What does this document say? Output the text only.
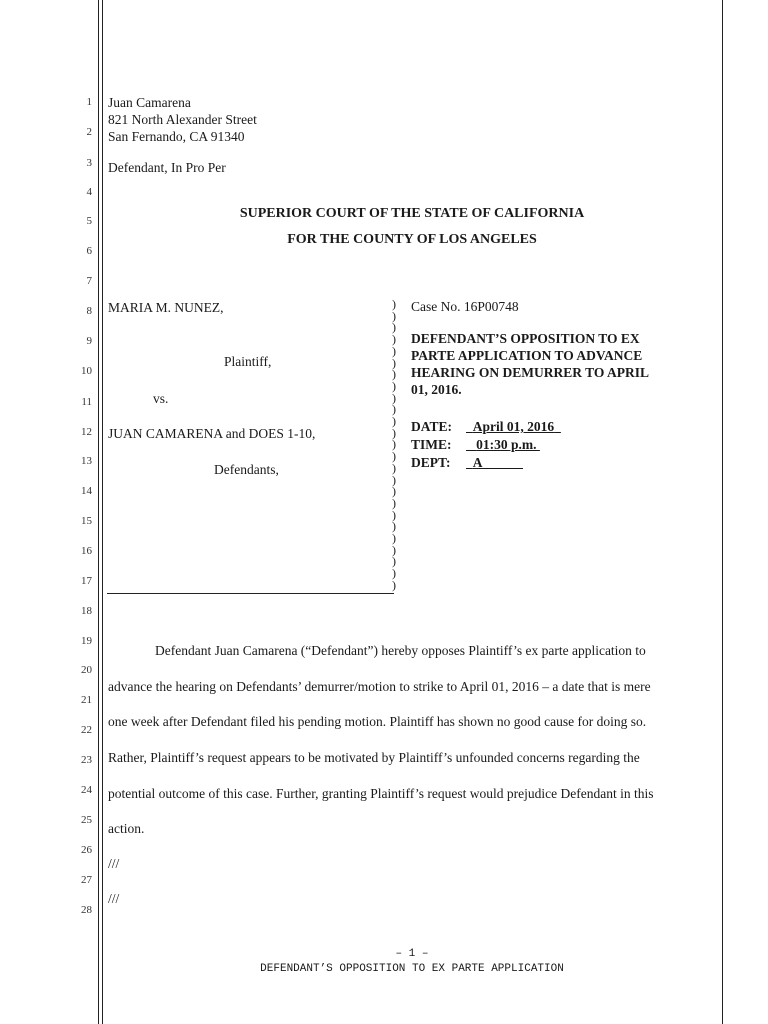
1
2
3
4
5
6
7
8
9
10
11
12
13
14
15
16
17
18
19
20
21
22
23
24
25
26
27
28
Juan Camarena
821 North Alexander Street
San Fernando, CA 91340
Defendant, In Pro Per
SUPERIOR COURT OF THE STATE OF CALIFORNIA
FOR THE COUNTY OF LOS ANGELES
MARIA M. NUNEZ,
Plaintiff,
vs.
JUAN CAMARENA and DOES 1-10,
Defendants,
)
)
)
)
)
)
)
)
)
)
)
)
)
)
)
)
)
)
)
)
)
)
)
)
)
Case No. 16P00748
DEFENDANT’S OPPOSITION TO EX
PARTE APPLICATION TO ADVANCE
HEARING ON DEMURRER TO APRIL
01, 2016.
DATE:	April 01, 2016
TIME:	01:30 p.m.
DEPT:	A
Defendant Juan Camarena (“Defendant”) hereby opposes Plaintiff’s ex parte application to
advance the hearing on Defendants’ demurrer/motion to strike to April 01, 2016 – a date that is mere
one week after Defendant filed his pending motion. Plaintiff has shown no good cause for doing so.
Rather, Plaintiff’s request appears to be motivated by Plaintiff’s unfounded concerns regarding the
potential outcome of this case. Further, granting Plaintiff’s request would prejudice Defendant in this
action.
///
///
– 1 –
DEFENDANT’S OPPOSITION TO EX PARTE APPLICATION
